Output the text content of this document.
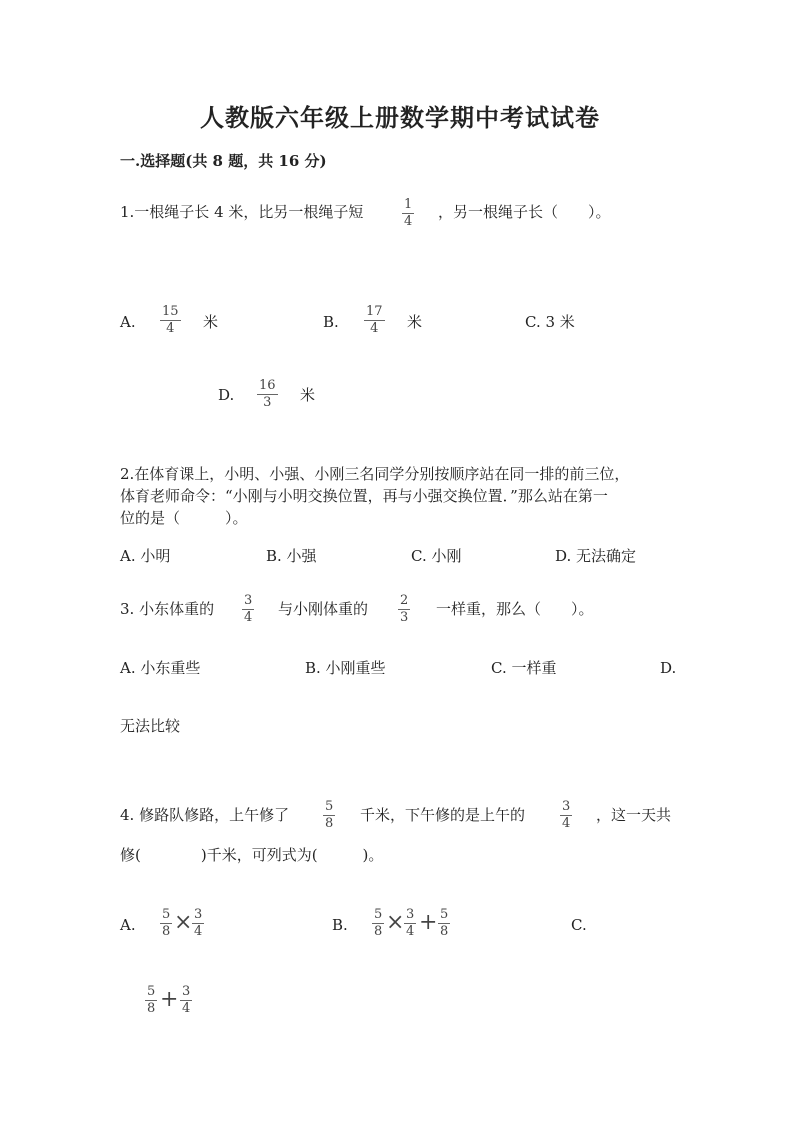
人教版六年级上册数学期中考试试卷
一.选择题(共 8 题，共 16 分)
1.一根绳子长 4 米，比另一根绳子短	$\frac{1}{4}$ ，另一根绳子长（　　）。
A. $\frac{15}{4}$ 米	B. $\frac{17}{4}$ 米	C. 3 米
D. $\frac{16}{3}$ 米
2.在体育课上，小明、小强、小刚三名同学分别按顺序站在同一排的前三位，
体育老师命令：“小刚与小明交换位置，再与小强交换位置．”那么站在第一
位的是（　　　）。
A. 小明	B. 小强	C. 小刚	D. 无法确定
3. 小东体重的 $\frac{3}{4}$ 与小刚体重的 $\frac{2}{3}$ 一样重，那么（　　）。
A. 小东重些	B. 小刚重些	C. 一样重	D.
无法比较
4. 修路队修路，上午修了	$\frac{5}{8}$ 千米，下午修的是上午的	$\frac{3}{4}$ ，这一天共
修(　　　　)千米，可列式为(　　　)。
A. $\frac{5}{8} \times \frac{3}{4}$	B. $\frac{5}{8} \times \frac{3}{4} + \frac{5}{8}$	C.
$\frac{5}{8} + \frac{3}{4}$
